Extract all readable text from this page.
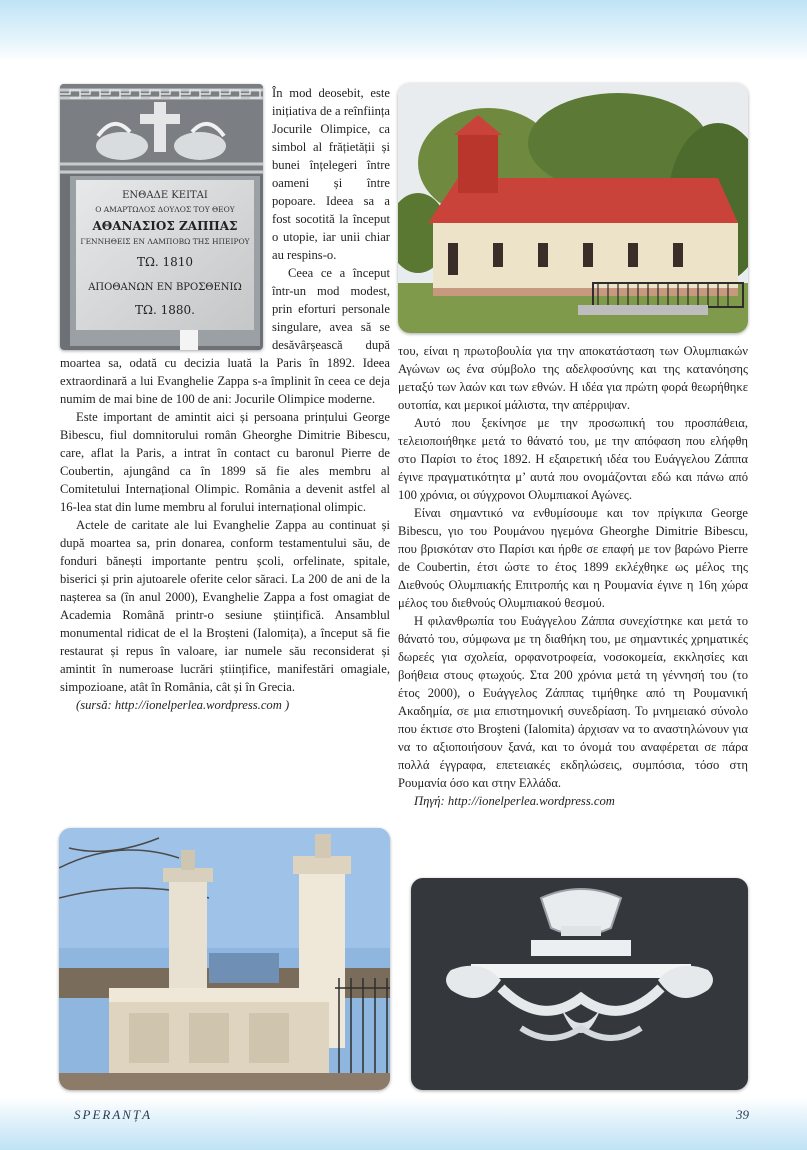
ΕΝΘΑΔΕ ΚΕΙΤΑΙ
Ο ΑΜΑΡΤΩΛΟΣ ΔΟΥΛΟΣ ΤΟΥ ΘΕΟΥ
ΑΘΑΝΑΣΙΟΣ ΖΑΠΠΑΣ
ΓΕΝΝΗΘΕΙΣ ΕΝ ΛΑΜΠΟΒΩ ΤΗΣ ΗΠΕΙΡΟΥ
ΤΩ. 1810
ΑΠΟΘΑΝΩΝ ΕΝ ΒΡΟΣΘΕΝΙΩ
ΤΩ. 1880.

În mod deosebit, este inițiativa de a reînființa Jocurile Olimpice, ca simbol al frățietății și bunei înțelegeri între oameni și între popoare. Ideea sa a fost socotită la început o utopie, iar unii chiar au respins-o.

Ceea ce a început într-un mod modest, prin eforturi personale singulare, avea să se desăvârșească după moartea sa, odată cu decizia luată la Paris în 1892. Ideea extraordinară a lui Evanghelie Zappa s-a împlinit în ceea ce deja numim de mai bine de 100 de ani: Jocurile Olimpice moderne.

Este important de amintit aici și persoana prințului George Bibescu, fiul domnitorului român Gheorghe Dimitrie Bibescu, care, aflat la Paris, a intrat în contact cu baronul Pierre de Coubertin, ajungând ca în 1899 să fie ales membru al Comitetului Internațional Olimpic. România a devenit astfel al 16-lea stat din lume membru al forului internațional olimpic.

Actele de caritate ale lui Evanghelie Zappa au continuat și după moartea sa, prin donarea, conform testamentului său, de fonduri bănești importante pentru școli, orfelinate, spitale, biserici și prin ajutoarele oferite celor săraci. La 200 de ani de la nașterea sa (în anul 2000), Evanghelie Zappa a fost omagiat de Academia Română printr-o sesiune științifică. Ansamblul monumental ridicat de el la Broșteni (Ialomița), a început să fie restaurat și repus în valoare, iar numele său reconsiderat și amintit în numeroase lucrări științifice, manifestări omagiale, simpozioane, atât în România, cât și în Grecia.

(sursă: http://ionelperlea.wordpress.com )

του, είναι η πρωτοβουλία για την αποκατάσταση των Ολυμπιακών Αγώνων ως ένα σύμβολο της αδελφοσύνης και της κατανόησης μεταξύ των λαών και των εθνών. Η ιδέα για πρώτη φορά θεωρήθηκε ουτοπία, και μερικοί μάλιστα, την απέρριψαν.

Αυτό που ξεκίνησε με την προσωπική του προσπάθεια, τελειοποιήθηκε μετά το θάνατό του, με την απόφαση που ελήφθη στο Παρίσι το έτος 1892. Η εξαιρετική ιδέα του Ευάγγελου Ζάππα έγινε πραγματικότητα μ’ αυτά που ονομάζονται εδώ και πάνω από 100 χρόνια, οι σύγχρονοι Ολυμπιακοί Αγώνες.

Είναι σημαντικό να ενθυμίσουμε και τον πρίγκιπα George Bibescu, γιο του Ρουμάνου ηγεμόνα Gheorghe Dimitrie Bibescu, που βρισκόταν στο Παρίσι και ήρθε σε επαφή με τον βαρώνο Pierre de Coubertin, έτσι ώστε το έτος 1899 εκλέχθηκε ως μέλος της Διεθνούς Ολυμπιακής Επιτροπής και η Ρουμανία έγινε η 16η χώρα μέλος του διεθνούς Ολυμπιακού θεσμού.

Η φιλανθρωπία του Ευάγγελου Ζάππα συνεχίστηκε και μετά το θάνατό του, σύμφωνα με τη διαθήκη του, με σημαντικές χρηματικές δωρεές για σχολεία, ορφανοτροφεία, νοσοκομεία, εκκλησίες και βοήθεια στους φτωχούς. Στα 200 χρόνια μετά τη γέννησή του (το έτος 2000), ο Ευάγγελος Ζάππας τιμήθηκε από τη Ρουμανική Ακαδημία, σε μια επιστημονική συνεδρίαση. Το μνημειακό σύνολο που έκτισε στο Broşteni (Ialomita) άρχισαν να το αναστηλώνουν για να το αξιοποιήσουν ξανά, και το όνομά του αναφέρεται σε πάρα πολλά έγγραφα, επετειακές εκδηλώσεις, συμπόσια, τόσο στη Ρουμανία όσο και στην Ελλάδα.

Πηγή: http://ionelperlea.wordpress.com

SPERANȚA	39
